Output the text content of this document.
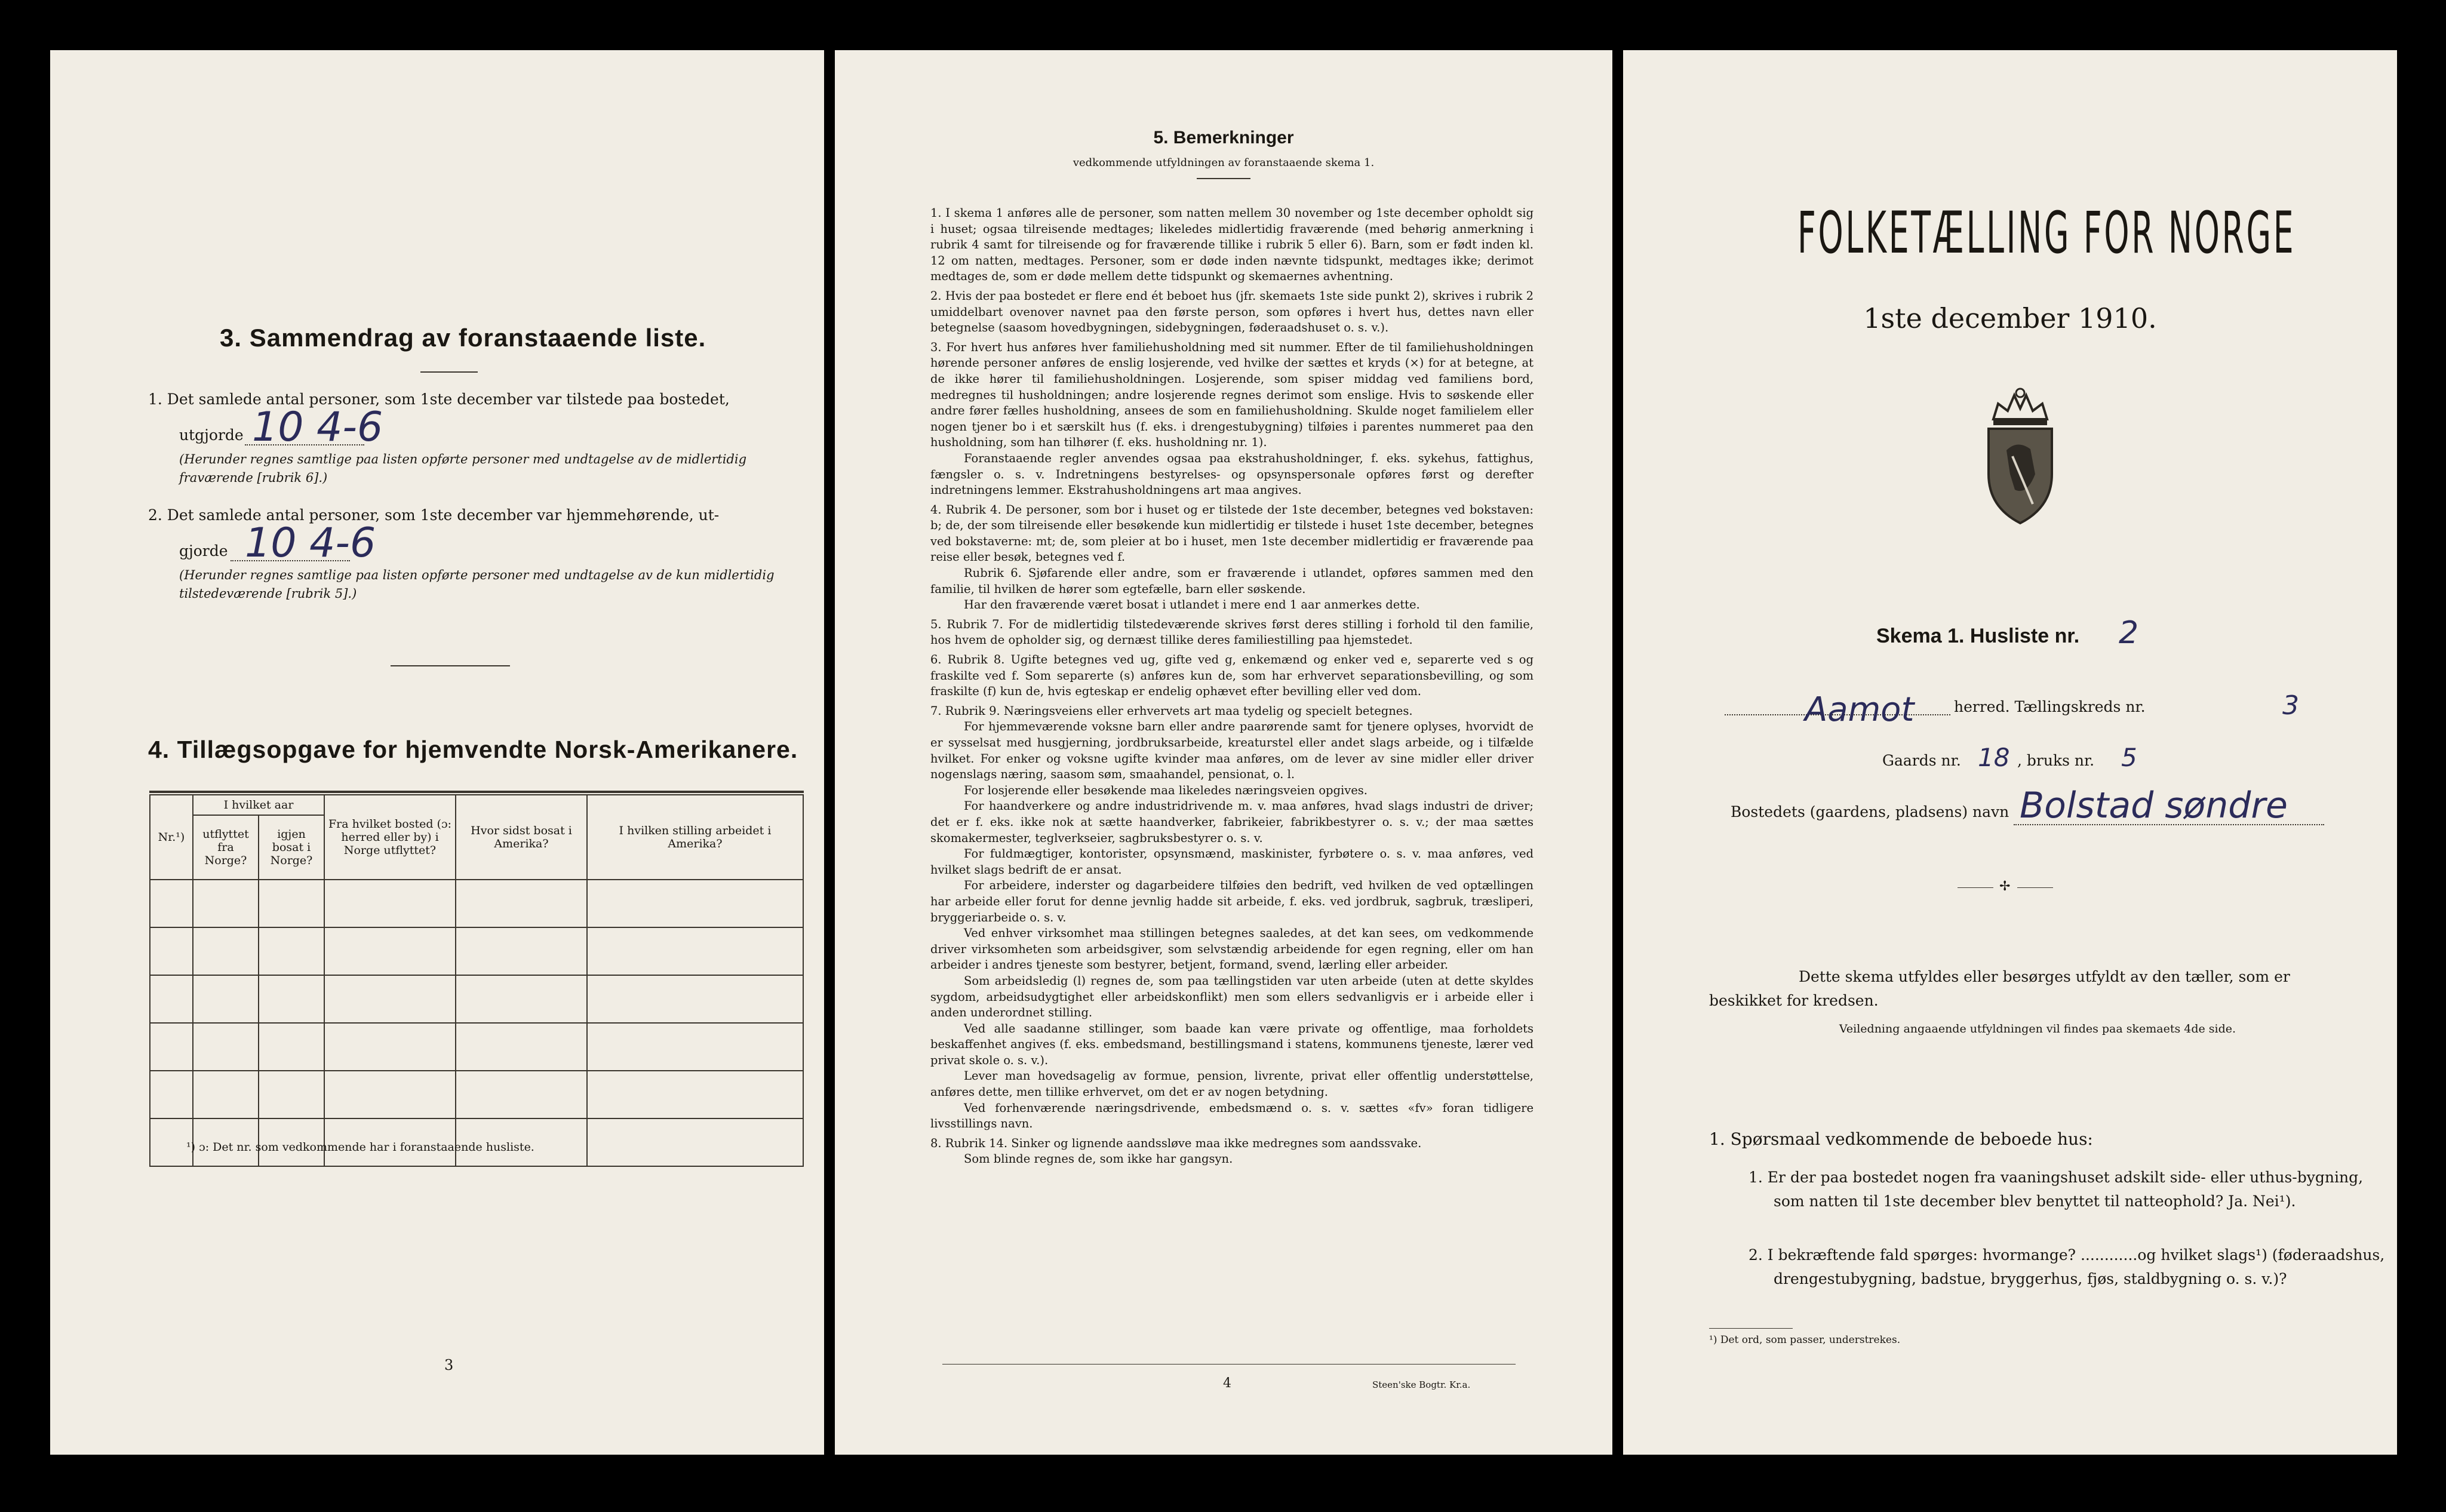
3. Sammendrag av foranstaaende liste.
1. Det samlede antal personer, som 1ste december var tilstede paa bostedet,
utgjorde 10 4-6
(Herunder regnes samtlige paa listen opførte personer med undtagelse av de midlertidig fraværende [rubrik 6].)
2. Det samlede antal personer, som 1ste december var hjemmehørende, ut-
gjorde 10 4-6
(Herunder regnes samtlige paa listen opførte personer med undtagelse av de kun midlertidig tilstedeværende [rubrik 5].)
4. Tillægsopgave for hjemvendte Norsk-Amerikanere.
Nr.¹)	I hvilket aar		Fra hvilket bosted (ɔ: herred eller by) i Norge utflyttet?	Hvor sidst bosat i Amerika?	I hvilken stilling arbeidet i Amerika?
	utflyttet fra Norge?	igjen bosat i Norge?			

¹) ɔ: Det nr. som vedkommende har i foranstaaende husliste.
3
5. Bemerkninger
vedkommende utfyldningen av foranstaaende skema 1.

1. I skema 1 anføres alle de personer, som natten mellem 30 november og 1ste december opholdt sig i huset; ogsaa tilreisende medtages; likeledes midlertidig fraværende (med behørig anmerkning i rubrik 4 samt for tilreisende og for fraværende tillike i rubrik 5 eller 6). Barn, som er født inden kl. 12 om natten, medtages. Personer, som er døde inden nævnte tidspunkt, medtages ikke; derimot medtages de, som er døde mellem dette tidspunkt og skemaernes avhentning.

2. Hvis der paa bostedet er flere end ét beboet hus (jfr. skemaets 1ste side punkt 2), skrives i rubrik 2 umiddelbart ovenover navnet paa den første person, som opføres i hvert hus, dettes navn eller betegnelse (saasom hovedbygningen, sidebygningen, føderaadshuset o. s. v.).

3. For hvert hus anføres hver familiehusholdning med sit nummer. Efter de til familiehusholdningen hørende personer anføres de enslig losjerende, ved hvilke der sættes et kryds (×) for at betegne, at de ikke hører til familiehusholdningen. Losjerende, som spiser middag ved familiens bord, medregnes til husholdningen; andre losjerende regnes derimot som enslige. Hvis to søskende eller andre fører fælles husholdning, ansees de som en familiehusholdning. Skulde noget familielem eller nogen tjener bo i et særskilt hus (f. eks. i drengestubygning) tilføies i parentes nummeret paa den husholdning, som han tilhører (f. eks. husholdning nr. 1).

Foranstaaende regler anvendes ogsaa paa ekstrahusholdninger, f. eks. sykehus, fattighus, fængsler o. s. v. Indretningens bestyrelses- og opsynspersonale opføres først og derefter indretningens lemmer. Ekstrahusholdningens art maa angives.

4. Rubrik 4. De personer, som bor i huset og er tilstede der 1ste december, betegnes ved bokstaven: b; de, der som tilreisende eller besøkende kun midlertidig er tilstede i huset 1ste december, betegnes ved bokstaverne: mt; de, som pleier at bo i huset, men 1ste december midlertidig er fraværende paa reise eller besøk, betegnes ved f.

Rubrik 6. Sjøfarende eller andre, som er fraværende i utlandet, opføres sammen med den familie, til hvilken de hører som egtefælle, barn eller søskende.

Har den fraværende været bosat i utlandet i mere end 1 aar anmerkes dette.

5. Rubrik 7. For de midlertidig tilstedeværende skrives først deres stilling i forhold til den familie, hos hvem de opholder sig, og dernæst tillike deres familiestilling paa hjemstedet.

6. Rubrik 8. Ugifte betegnes ved ug, gifte ved g, enkemænd og enker ved e, separerte ved s og fraskilte ved f. Som separerte (s) anføres kun de, som har erhvervet separationsbevilling, og som fraskilte (f) kun de, hvis egteskap er endelig ophævet efter bevilling eller ved dom.

7. Rubrik 9. Næringsveiens eller erhvervets art maa tydelig og specielt betegnes.

For hjemmeværende voksne barn eller andre paarørende samt for tjenere oplyses, hvorvidt de er sysselsat med husgjerning, jordbruksarbeide, kreaturstel eller andet slags arbeide, og i tilfælde hvilket. For enker og voksne ugifte kvinder maa anføres, om de lever av sine midler eller driver nogenslags næring, saasom søm, smaahandel, pensionat, o. l.

For losjerende eller besøkende maa likeledes næringsveien opgives.

For haandverkere og andre industridrivende m. v. maa anføres, hvad slags industri de driver; det er f. eks. ikke nok at sætte haandverker, fabrikeier, fabrikbestyrer o. s. v.; der maa sættes skomakermester, teglverkseier, sagbruksbestyrer o. s. v.

For fuldmægtiger, kontorister, opsynsmænd, maskinister, fyrbøtere o. s. v. maa anføres, ved hvilket slags bedrift de er ansat.

For arbeidere, inderster og dagarbeidere tilføies den bedrift, ved hvilken de ved optællingen har arbeide eller forut for denne jevnlig hadde sit arbeide, f. eks. ved jordbruk, sagbruk, træsliperi, bryggeriarbeide o. s. v.

Ved enhver virksomhet maa stillingen betegnes saaledes, at det kan sees, om vedkommende driver virksomheten som arbeidsgiver, som selvstændig arbeidende for egen regning, eller om han arbeider i andres tjeneste som bestyrer, betjent, formand, svend, lærling eller arbeider.

Som arbeidsledig (l) regnes de, som paa tællingstiden var uten arbeide (uten at dette skyldes sygdom, arbeidsudygtighet eller arbeidskonflikt) men som ellers sedvanligvis er i arbeide eller i anden underordnet stilling.

Ved alle saadanne stillinger, som baade kan være private og offentlige, maa forholdets beskaffenhet angives (f. eks. embedsmand, bestillingsmand i statens, kommunens tjeneste, lærer ved privat skole o. s. v.).

Lever man hovedsagelig av formue, pension, livrente, privat eller offentlig understøttelse, anføres dette, men tillike erhvervet, om det er av nogen betydning.

Ved forhenværende næringsdrivende, embedsmænd o. s. v. sættes «fv» foran tidligere livsstillings navn.

8. Rubrik 14. Sinker og lignende aandssløve maa ikke medregnes som aandssvake.

Som blinde regnes de, som ikke har gangsyn.

4	Steen'ske Bogtr. Kr.a.
FOLKETÆLLING FOR NORGE
1ste december 1910.
Skema 1. Husliste nr. 2
Aamot	herred. Tællingskreds nr.	3
Gaards nr. 18 , bruks nr. 5
Bostedets (gaardens, pladsens) navn Bolstad søndre
✢
Dette skema utfyldes eller besørges utfyldt av den tæller, som er beskikket for kredsen.
Veiledning angaaende utfyldningen vil findes paa skemaets 4de side.
1. Spørsmaal vedkommende de beboede hus:
1. Er der paa bostedet nogen fra vaaningshuset adskilt side- eller uthus-bygning, som natten til 1ste december blev benyttet til natteophold? Ja. Nei¹).
2. I bekræftende fald spørges: hvormange? ............og hvilket slags¹) (føderaadshus, drengestubygning, badstue, bryggerhus, fjøs, staldbygning o. s. v.)?
¹) Det ord, som passer, understrekes.
